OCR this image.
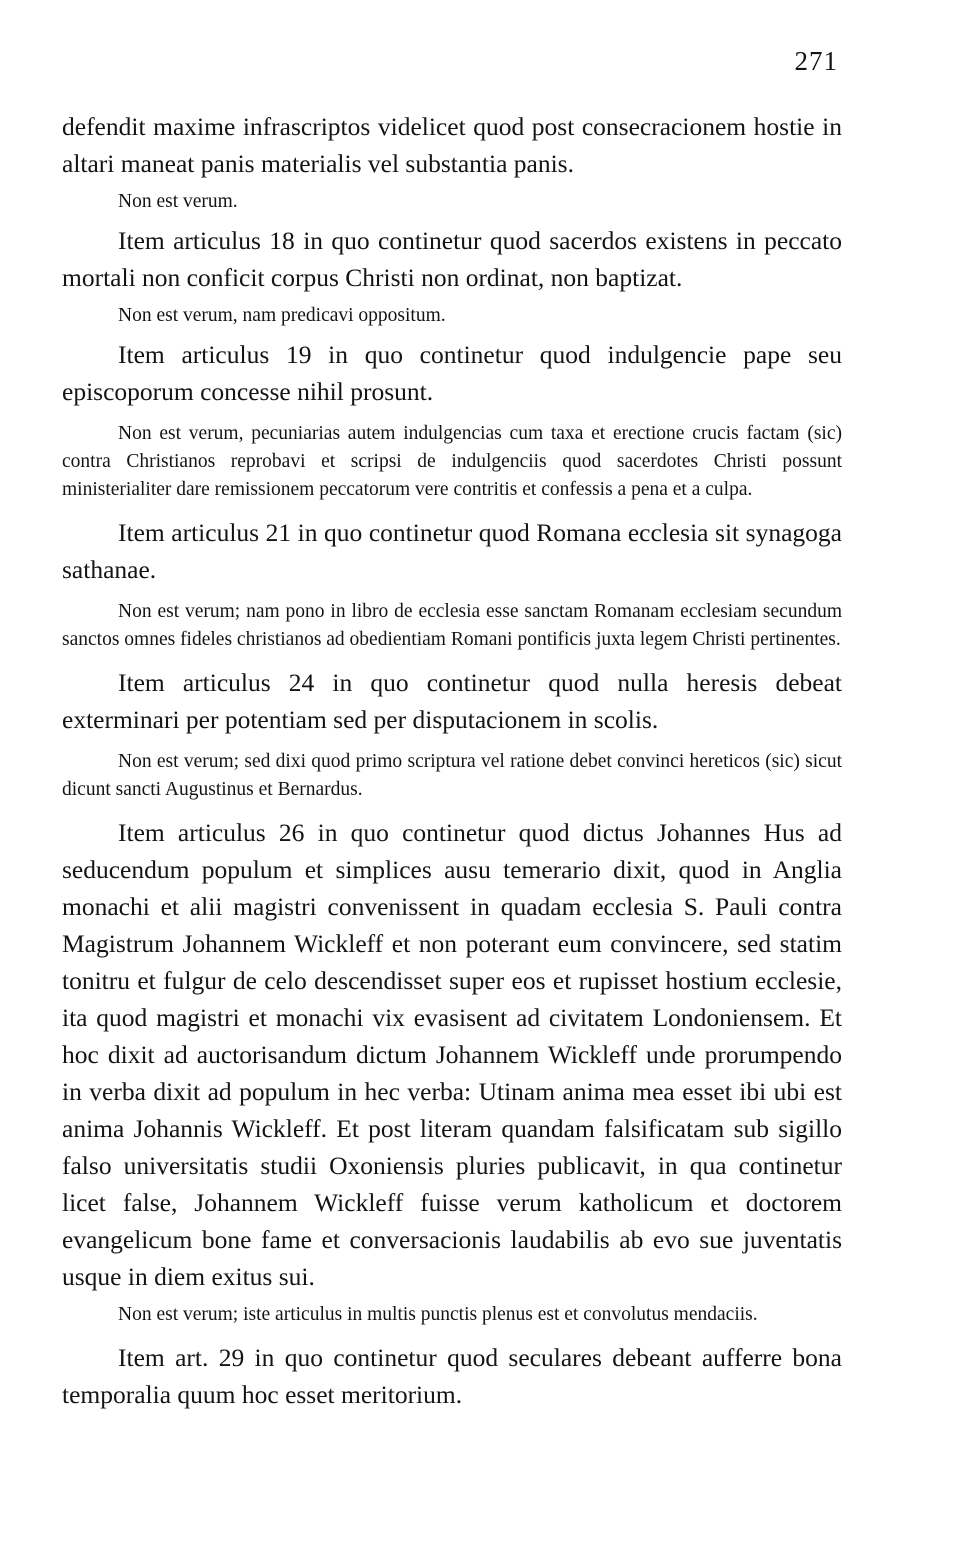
271

defendit maxime infrascriptos videlicet quod post consecracionem hostie in altari maneat panis materialis vel substantia panis.

Non est verum.

Item articulus 18 in quo continetur quod sacerdos existens in peccato mortali non conficit corpus Christi non ordinat, non baptizat.

Non est verum, nam predicavi oppositum.

Item articulus 19 in quo continetur quod indulgencie pape seu episcoporum concesse nihil prosunt.

Non est verum, pecuniarias autem indulgencias cum taxa et erectione crucis factam (sic) contra Christianos reprobavi et scripsi de indulgenciis quod sacerdotes Christi possunt ministerialiter dare remissionem peccatorum vere contritis et confessis a pena et a culpa.

Item articulus 21 in quo continetur quod Romana ecclesia sit synagoga sathanae.

Non est verum; nam pono in libro de ecclesia esse sanctam Romanam ecclesiam secundum sanctos omnes fideles christianos ad obedientiam Romani pontificis juxta legem Christi pertinentes.

Item articulus 24 in quo continetur quod nulla heresis debeat exterminari per potentiam sed per disputacionem in scolis.

Non est verum; sed dixi quod primo scriptura vel ratione debet convinci hereticos (sic) sicut dicunt sancti Augustinus et Bernardus.

Item articulus 26 in quo continetur quod dictus Johannes Hus ad seducendum populum et simplices ausu temerario dixit, quod in Anglia monachi et alii magistri convenissent in quadam ecclesia S. Pauli contra Magistrum Johannem Wickleff et non poterant eum convincere, sed statim tonitru et fulgur de celo descendisset super eos et rupisset hostium ecclesie, ita quod magistri et monachi vix evasisent ad civitatem Londoniensem. Et hoc dixit ad auctorisandum dictum Johannem Wickleff unde prorumpendo in verba dixit ad populum in hec verba: Utinam anima mea esset ibi ubi est anima Johannis Wickleff. Et post literam quandam falsificatam sub sigillo falso universitatis studii Oxoniensis pluries publicavit, in qua continetur licet false, Johannem Wickleff fuisse verum katholicum et doctorem evangelicum bone fame et conversacionis laudabilis ab evo sue juventatis usque in diem exitus sui.

Non est verum; iste articulus in multis punctis plenus est et convolutus mendaciis.

Item art. 29 in quo continetur quod seculares debeant aufferre bona temporalia quum hoc esset meritorium.
